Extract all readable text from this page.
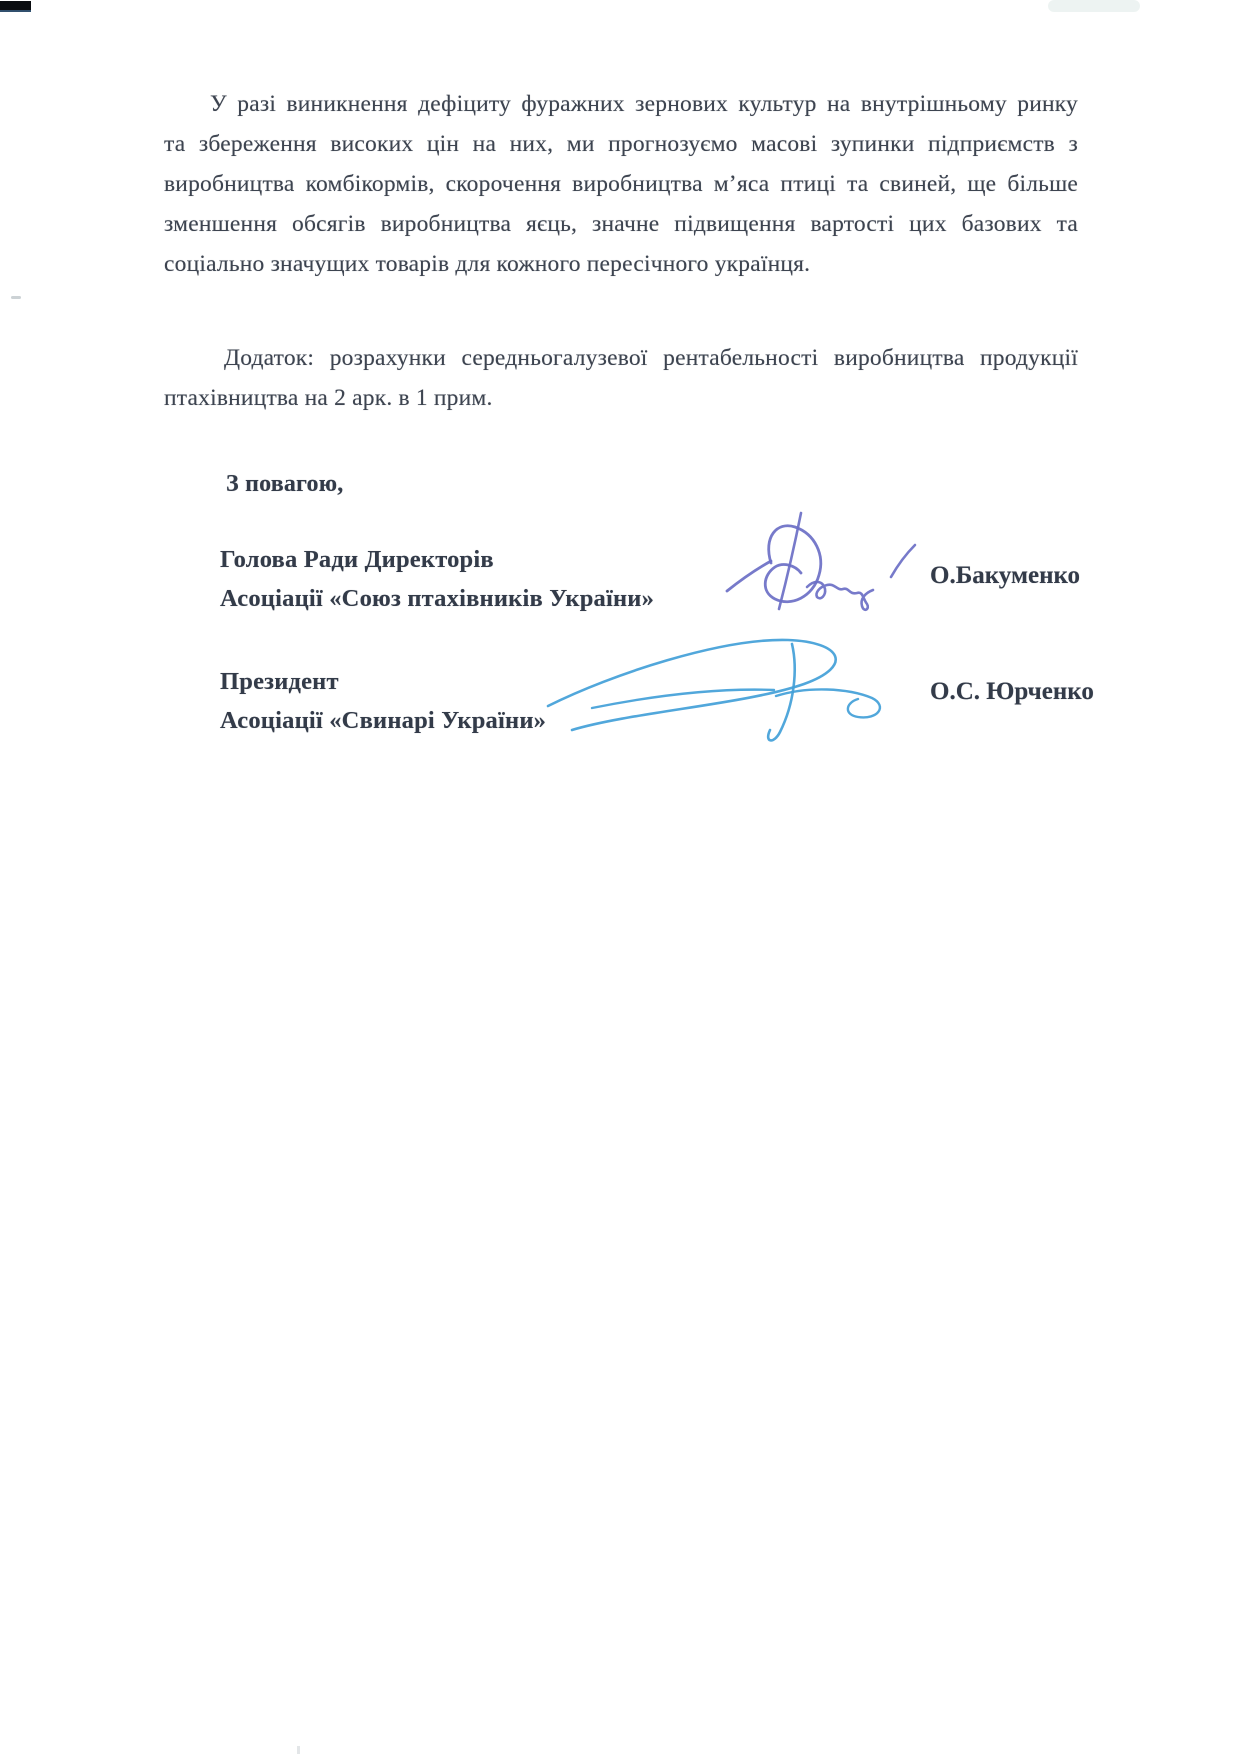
У разі виникнення дефіциту фуражних зернових культур на внутрішньому ринку
та збереження високих цін на них, ми прогнозуємо масові зупинки підприємств з
виробництва комбікормів, скорочення виробництва м’яса птиці та свиней, ще більше
зменшення обсягів виробництва яєць, значне підвищення вартості цих базових та
соціально значущих товарів для кожного пересічного українця.
Додаток: розрахунки середньогалузевої рентабельності виробництва продукції
птахівництва на 2 арк. в 1 прим.
З повагою,
Голова Ради Директорів
Асоціації «Союз птахівників України»
Президент
Асоціації «Свинарі України»
О.Бакуменко
О.С. Юрченко
